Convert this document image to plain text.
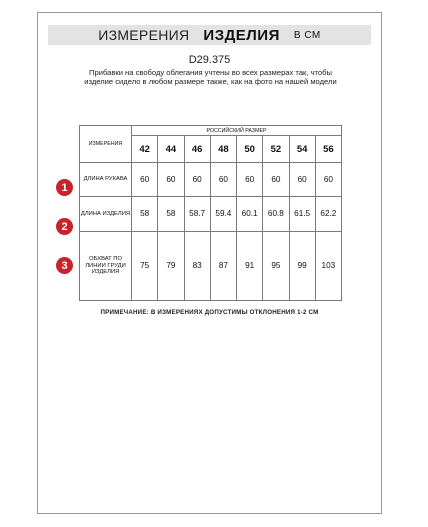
ИЗМЕРЕНИЯ ИЗДЕЛИЯ В СМ
D29.375
Прибавки на свободу облегания учтены во всех размерах так, чтобы изделие сидело в любом размере также, как на фото на нашей модели
ИЗМЕРЕНИЯ	РОССИЙСКИЙ РАЗМЕР							
	42	44	46	48	50	52	54	56
ДЛИНА РУКАВА	60	60	60	60	60	60	60	60
ДЛИНА ИЗДЕЛИЯ	58	58	58.7	59.4	60.1	60.8	61.5	62.2
ОБХВАТ ПО ЛИНИИ ГРУДИ ИЗДЕЛИЯ	75	79	83	87	91	95	99	103
1
2
3
ПРИМЕЧАНИЕ: В ИЗМЕРЕНИЯХ ДОПУСТИМЫ ОТКЛОНЕНИЯ 1-2 СМ
